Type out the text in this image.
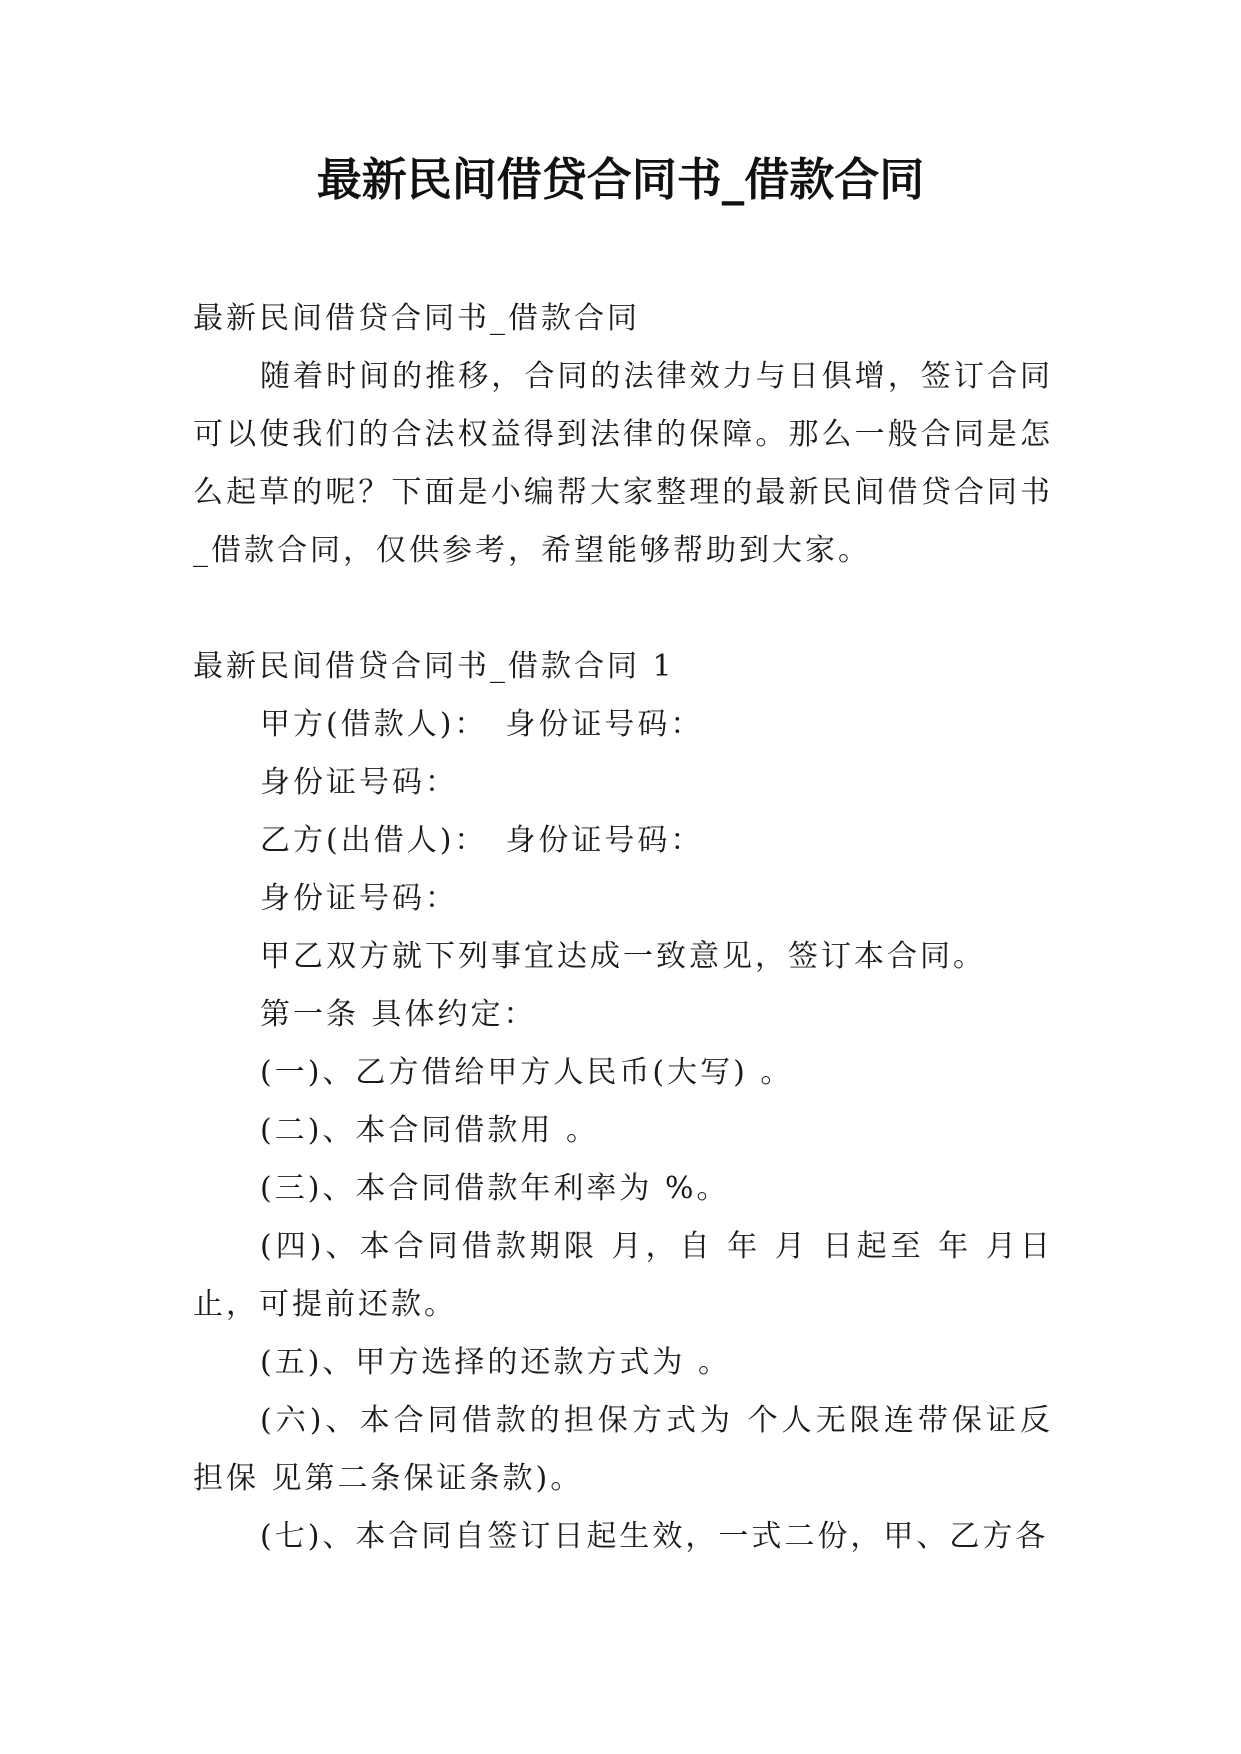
最新民间借贷合同书_借款合同

最新民间借贷合同书_借款合同

随着时间的推移，合同的法律效力与日俱增，签订合同可以使我们的合法权益得到法律的保障。那么一般合同是怎么起草的呢？下面是小编帮大家整理的最新民间借贷合同书_借款合同，仅供参考，希望能够帮助到大家。

最新民间借贷合同书_借款合同 1

甲方(借款人)：　身份证号码：

身份证号码：

乙方(出借人)：　身份证号码：

身份证号码：

甲乙双方就下列事宜达成一致意见，签订本合同。

第一条 具体约定：

(一)、乙方借给甲方人民币(大写) 。

(二)、本合同借款用 。

(三)、本合同借款年利率为 %。

(四)、本合同借款期限 月，自 年 月 日起至 年 月日止，可提前还款。

(五)、甲方选择的还款方式为 。

(六)、本合同借款的担保方式为 个人无限连带保证反担保 见第二条保证条款)。

(七)、本合同自签订日起生效，一式二份，甲、乙方各
